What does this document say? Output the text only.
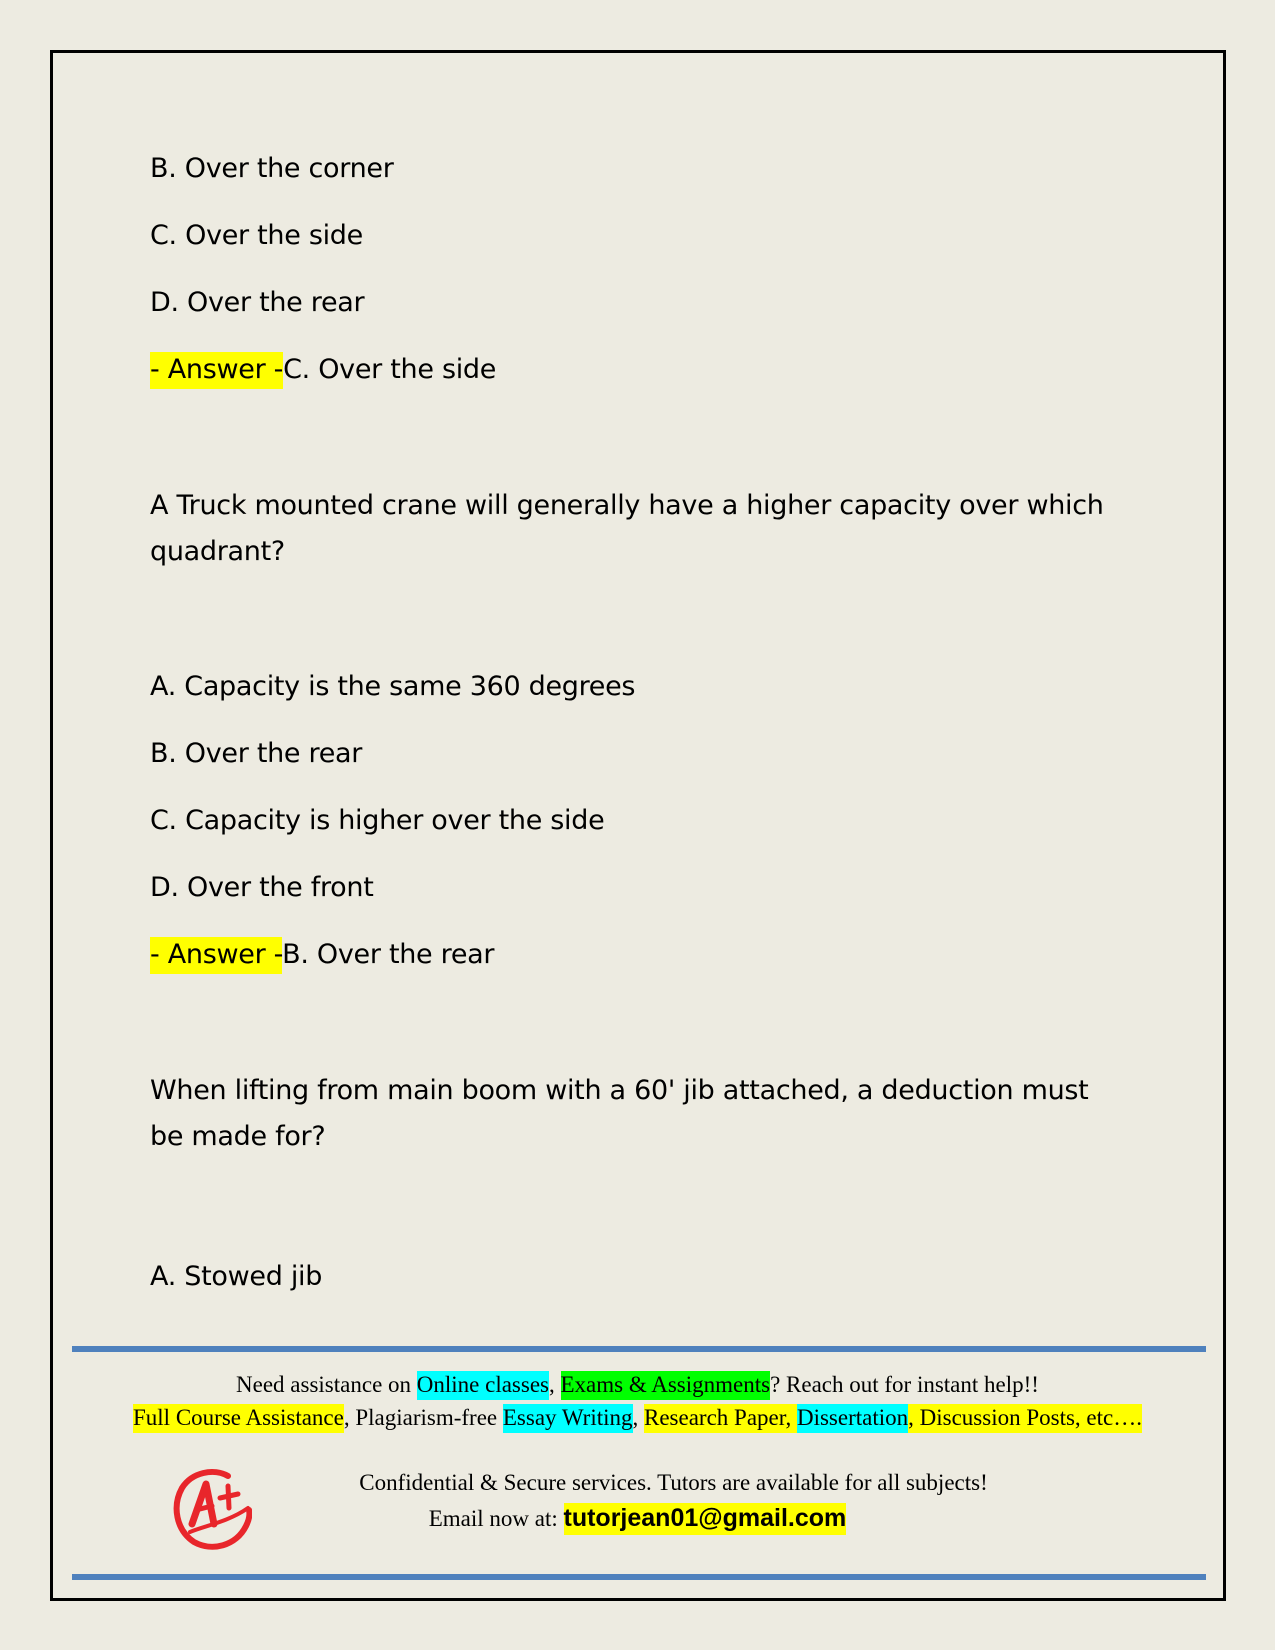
B. Over the corner
C. Over the side
D. Over the rear
- Answer -C. Over the side
A Truck mounted crane will generally have a higher capacity over which
quadrant?
A. Capacity is the same 360 degrees
B. Over the rear
C. Capacity is higher over the side
D. Over the front
- Answer -B. Over the rear
When lifting from main boom with a 60' jib attached, a deduction must
be made for?
A. Stowed jib
Need assistance on Online classes, Exams & Assignments? Reach out for instant help!!
Full Course Assistance, Plagiarism-free Essay Writing, Research Paper, Dissertation, Discussion Posts, etc….
Confidential & Secure services. Tutors are available for all subjects!
Email now at: tutorjean01@gmail.com
